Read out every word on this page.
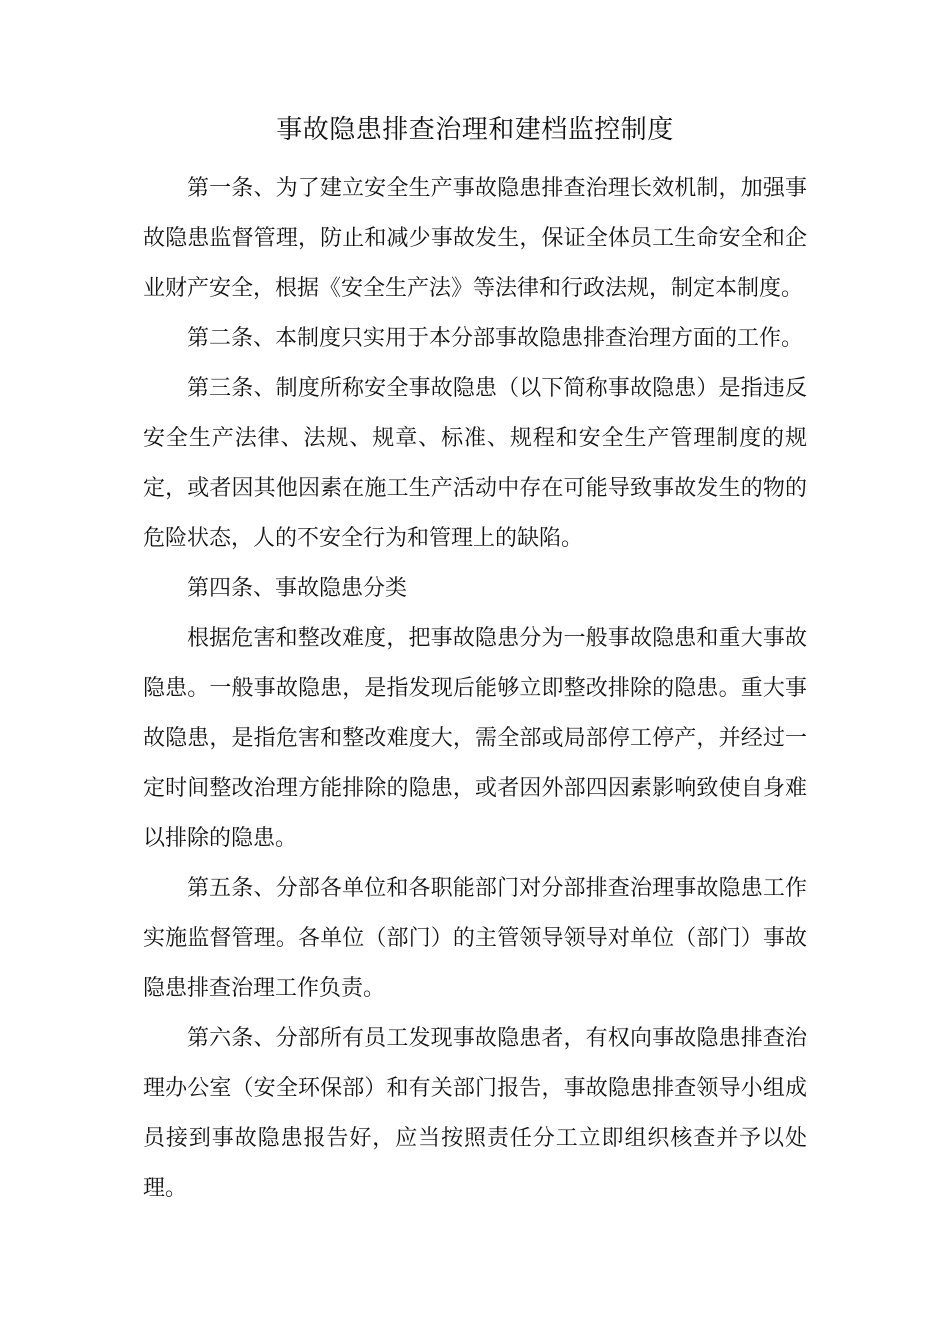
事故隐患排查治理和建档监控制度

第一条、为了建立安全生产事故隐患排查治理长效机制，加强事故隐患监督管理，防止和减少事故发生，保证全体员工生命安全和企业财产安全，根据《安全生产法》等法律和行政法规，制定本制度。

第二条、本制度只实用于本分部事故隐患排查治理方面的工作。

第三条、制度所称安全事故隐患（以下简称事故隐患）是指违反安全生产法律、法规、规章、标准、规程和安全生产管理制度的规定，或者因其他因素在施工生产活动中存在可能导致事故发生的物的危险状态，人的不安全行为和管理上的缺陷。

第四条、事故隐患分类

根据危害和整改难度，把事故隐患分为一般事故隐患和重大事故隐患。一般事故隐患，是指发现后能够立即整改排除的隐患。重大事故隐患，是指危害和整改难度大，需全部或局部停工停产，并经过一定时间整改治理方能排除的隐患，或者因外部四因素影响致使自身难以排除的隐患。

第五条、分部各单位和各职能部门对分部排查治理事故隐患工作实施监督管理。各单位（部门）的主管领导领导对单位（部门）事故隐患排查治理工作负责。

第六条、分部所有员工发现事故隐患者，有权向事故隐患排查治理办公室（安全环保部）和有关部门报告，事故隐患排查领导小组成员接到事故隐患报告好，应当按照责任分工立即组织核查并予以处理。
